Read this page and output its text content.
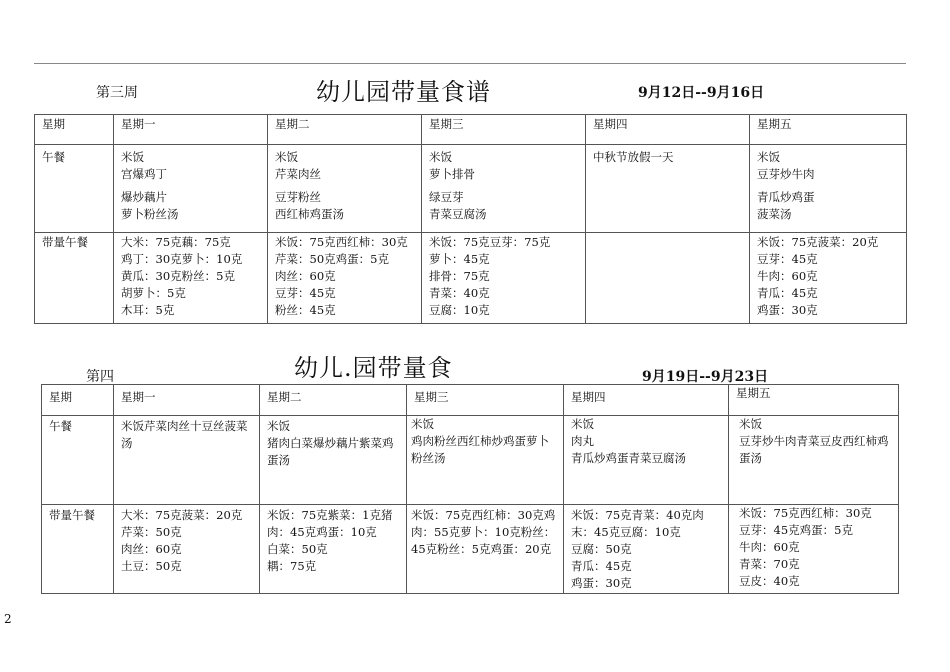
第三周	幼儿园带量食谱	9月12日--9月16日
星期	星期一	星期二	星期三	星期四	星期五
午餐	米饭
宫爆鸡丁
爆炒藕片
萝卜粉丝汤	米饭
芹菜肉丝
豆芽粉丝
西红柿鸡蛋汤	米饭
萝卜排骨
绿豆芽
青菜豆腐汤	中秋节放假一天	米饭
豆芽炒牛肉
青瓜炒鸡蛋
菠菜汤

带量午餐	大米：75克藕：75克
鸡丁：30克萝卜：10克
黄瓜：30克粉丝：5克
胡萝卜：5克
木耳：5克	米饭：75克西红柿：30克
芹菜：50克鸡蛋：5克
肉丝：60克
豆芽：45克
粉丝：45克	米饭：75克豆芽：75克
萝卜：45克
排骨：75克
青菜：40克
豆腐：10克		米饭：75克菠菜：20克
豆芽：45克
牛肉：60克
青瓜：45克
鸡蛋：30克
第四	幼儿.园带量食	9月19日--9月23日
星期	星期一	星期二	星期三	星期四	星期五
午餐	米饭芹菜肉丝十豆丝菠菜汤	米饭
猪肉白菜爆炒藕片紫菜鸡蛋汤	米饭
鸡肉粉丝西红柿炒鸡蛋萝卜粉丝汤	米饭
肉丸
青瓜炒鸡蛋青菜豆腐汤	米饭
豆芽炒牛肉青菜豆皮西红柿鸡蛋汤

带量午餐	大米：75克菠菜：20克
芹菜：50克
肉丝：60克
土豆：50克	米饭：75克紫菜：1克猪肉：45克鸡蛋：10克
白菜：50克
耦：75克	米饭：75克西红柿：30克鸡肉：55克萝卜：10克粉丝：45克粉丝：5克鸡蛋：20克	米饭：75克青菜：40克肉末：45克豆腐：10克
豆腐：50克
青瓜：45克
鸡蛋：30克	米饭：75克西红柿：30克
豆芽：45克鸡蛋：5克
牛肉：60克
青菜：70克
豆皮：40克
2
